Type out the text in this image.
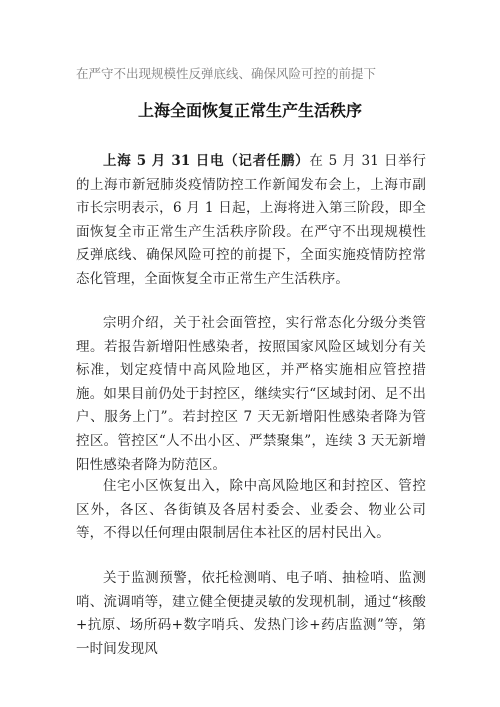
在严守不出现规模性反弹底线、确保风险可控的前提下
上海全面恢复正常生产生活秩序

上海 5 月 31 日电（记者任鹏）在 5 月 31 日举行的上海市新冠肺炎疫情防控工作新闻发布会上，上海市副市长宗明表示，6 月 1 日起，上海将进入第三阶段，即全面恢复全市正常生产生活秩序阶段。在严守不出现规模性反弹底线、确保风险可控的前提下，全面实施疫情防控常态化管理，全面恢复全市正常生产生活秩序。

宗明介绍，关于社会面管控，实行常态化分级分类管理。若报告新增阳性感染者，按照国家风险区域划分有关标准，划定疫情中高风险地区，并严格实施相应管控措施。如果目前仍处于封控区，继续实行“区域封闭、足不出户、服务上门”。若封控区 7 天无新增阳性感染者降为管控区。管控区“人不出小区、严禁聚集”，连续 3 天无新增阳性感染者降为防范区。

住宅小区恢复出入，除中高风险地区和封控区、管控区外，各区、各街镇及各居村委会、业委会、物业公司等，不得以任何理由限制居住本社区的居村民出入。

关于监测预警，依托检测哨、电子哨、抽检哨、监测哨、流调哨等，建立健全便捷灵敏的发现机制，通过“核酸+抗原、场所码+数字哨兵、发热门诊+药店监测”等，第一时间发现风
